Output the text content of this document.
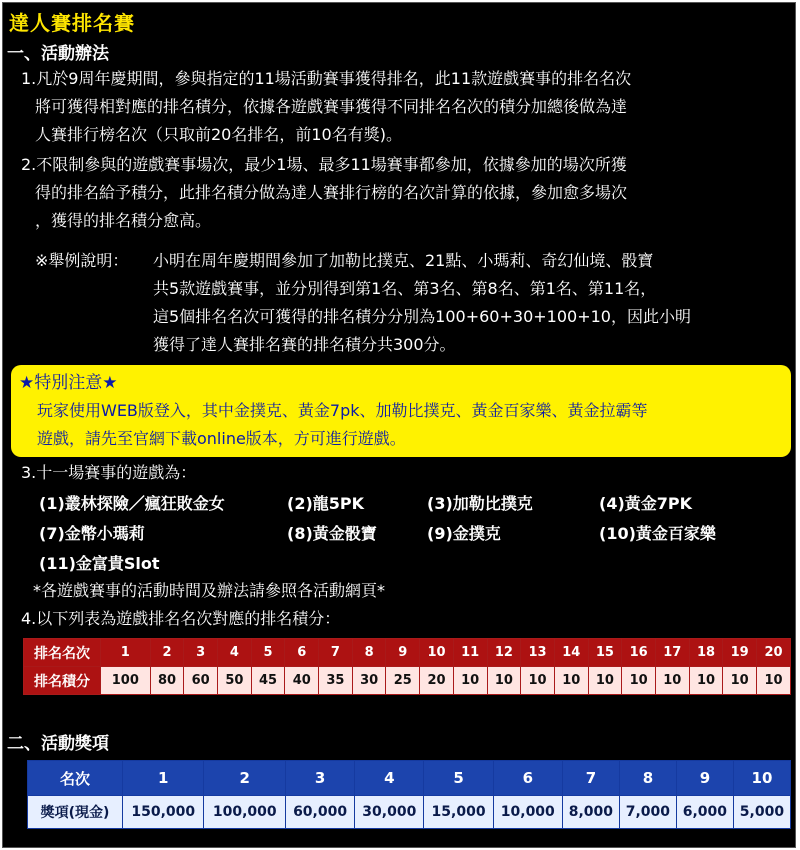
達人賽排名賽
一、活動辦法
1.凡於9周年慶期間，參與指定的11場活動賽事獲得排名，此11款遊戲賽事的排名名次
將可獲得相對應的排名積分，依據各遊戲賽事獲得不同排名名次的積分加總後做為達
人賽排行榜名次（只取前20名排名，前10名有獎)。
2.不限制參與的遊戲賽事場次，最少1場、最多11場賽事都參加，依據參加的場次所獲
得的排名給予積分，此排名積分做為達人賽排行榜的名次計算的依據，參加愈多場次
，獲得的排名積分愈高。
※舉例說明： 小明在周年慶期間參加了加勒比撲克、21點、小瑪莉、奇幻仙境、骰寶
共5款遊戲賽事，並分別得到第1名、第3名、第8名、第1名、第11名，
這5個排名名次可獲得的排名積分分別為100+60+30+100+10，因此小明
獲得了達人賽排名賽的排名積分共300分。
★特別注意★
玩家使用WEB版登入，其中金撲克、黃金7pk、加勒比撲克、黃金百家樂、黃金拉霸等
遊戲，請先至官網下載online版本，方可進行遊戲。
3.十一場賽事的遊戲為：
(1)叢林探險／瘋狂敗金女	(2)龍5PK	(3)加勒比撲克	(4)黃金7PK
(7)金幣小瑪莉	(8)黃金骰寶	(9)金撲克	(10)黃金百家樂
(11)金富貴Slot
*各遊戲賽事的活動時間及辦法請參照各活動網頁*
4.以下列表為遊戲排名名次對應的排名積分：
排名名次	1	2	3	4	5	6	7	8	9	10	11	12	13	14	15	16	17	18	19	20
排名積分	100	80	60	50	45	40	35	30	25	20	10	10	10	10	10	10	10	10	10	10
二、活動獎項
名次	1	2	3	4	5	6	7	8	9	10
獎項(現金)	150,000	100,000	60,000	30,000	15,000	10,000	8,000	7,000	6,000	5,000
